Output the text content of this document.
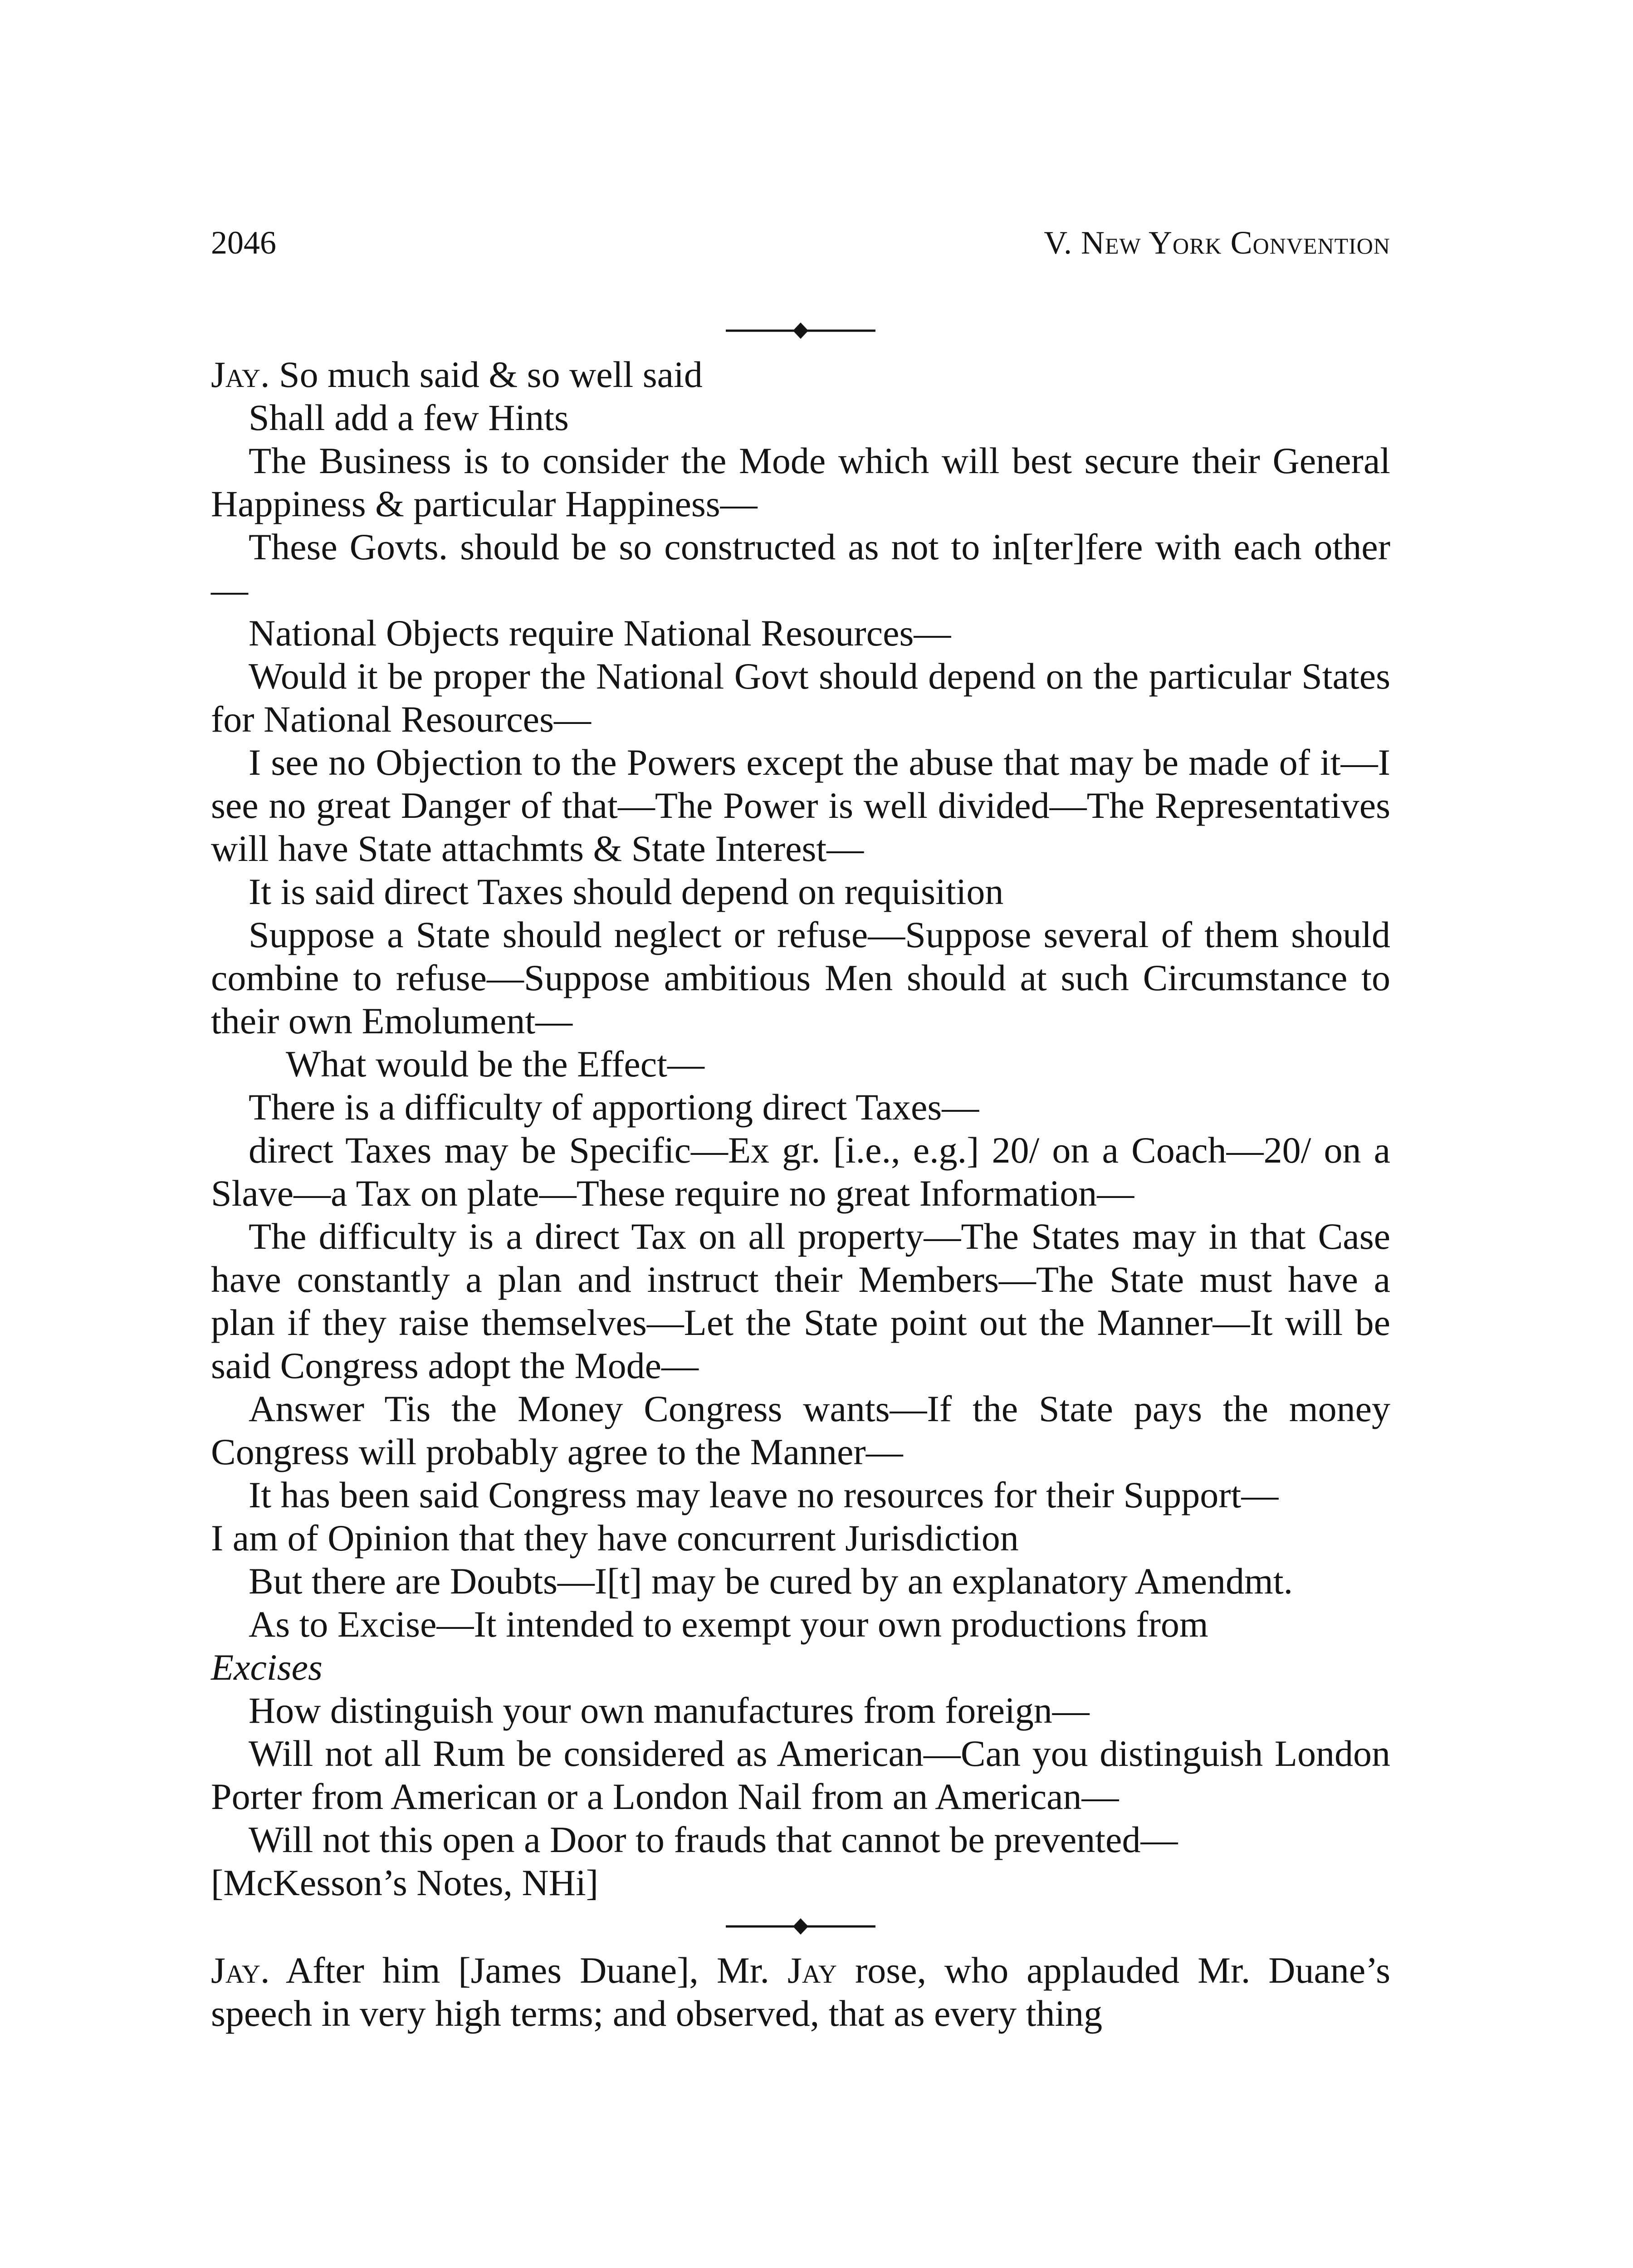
2046	V. New York Convention

Jay. So much said & so well said

Shall add a few Hints

The Business is to consider the Mode which will best secure their General Happiness & particular Happiness—

These Govts. should be so constructed as not to in[ter]fere with each other—

National Objects require National Resources—

Would it be proper the National Govt should depend on the particular States for National Resources—

I see no Objection to the Powers except the abuse that may be made of it—I see no great Danger of that—The Power is well divided—The Representatives will have State attachmts & State Interest—

It is said direct Taxes should depend on requisition

Suppose a State should neglect or refuse—Suppose several of them should combine to refuse—Suppose ambitious Men should at such Circumstance to their own Emolument—

What would be the Effect—

There is a difficulty of apportiong direct Taxes—

direct Taxes may be Specific—Ex gr. [i.e., e.g.] 20/ on a Coach—20/ on a Slave—a Tax on plate—These require no great Information—

The difficulty is a direct Tax on all property—The States may in that Case have constantly a plan and instruct their Members—The State must have a plan if they raise themselves—Let the State point out the Manner—It will be said Congress adopt the Mode—

Answer Tis the Money Congress wants—If the State pays the money Congress will probably agree to the Manner—

It has been said Congress may leave no resources for their Support—

I am of Opinion that they have concurrent Jurisdiction

But there are Doubts—I[t] may be cured by an explanatory Amendmt.

As to Excise—It intended to exempt your own productions from

Excises

How distinguish your own manufactures from foreign—

Will not all Rum be considered as American—Can you distinguish London Porter from American or a London Nail from an American—

Will not this open a Door to frauds that cannot be prevented—

[McKesson’s Notes, NHi]

Jay. After him [James Duane], Mr. Jay rose, who applauded Mr. Duane’s speech in very high terms; and observed, that as every thing
